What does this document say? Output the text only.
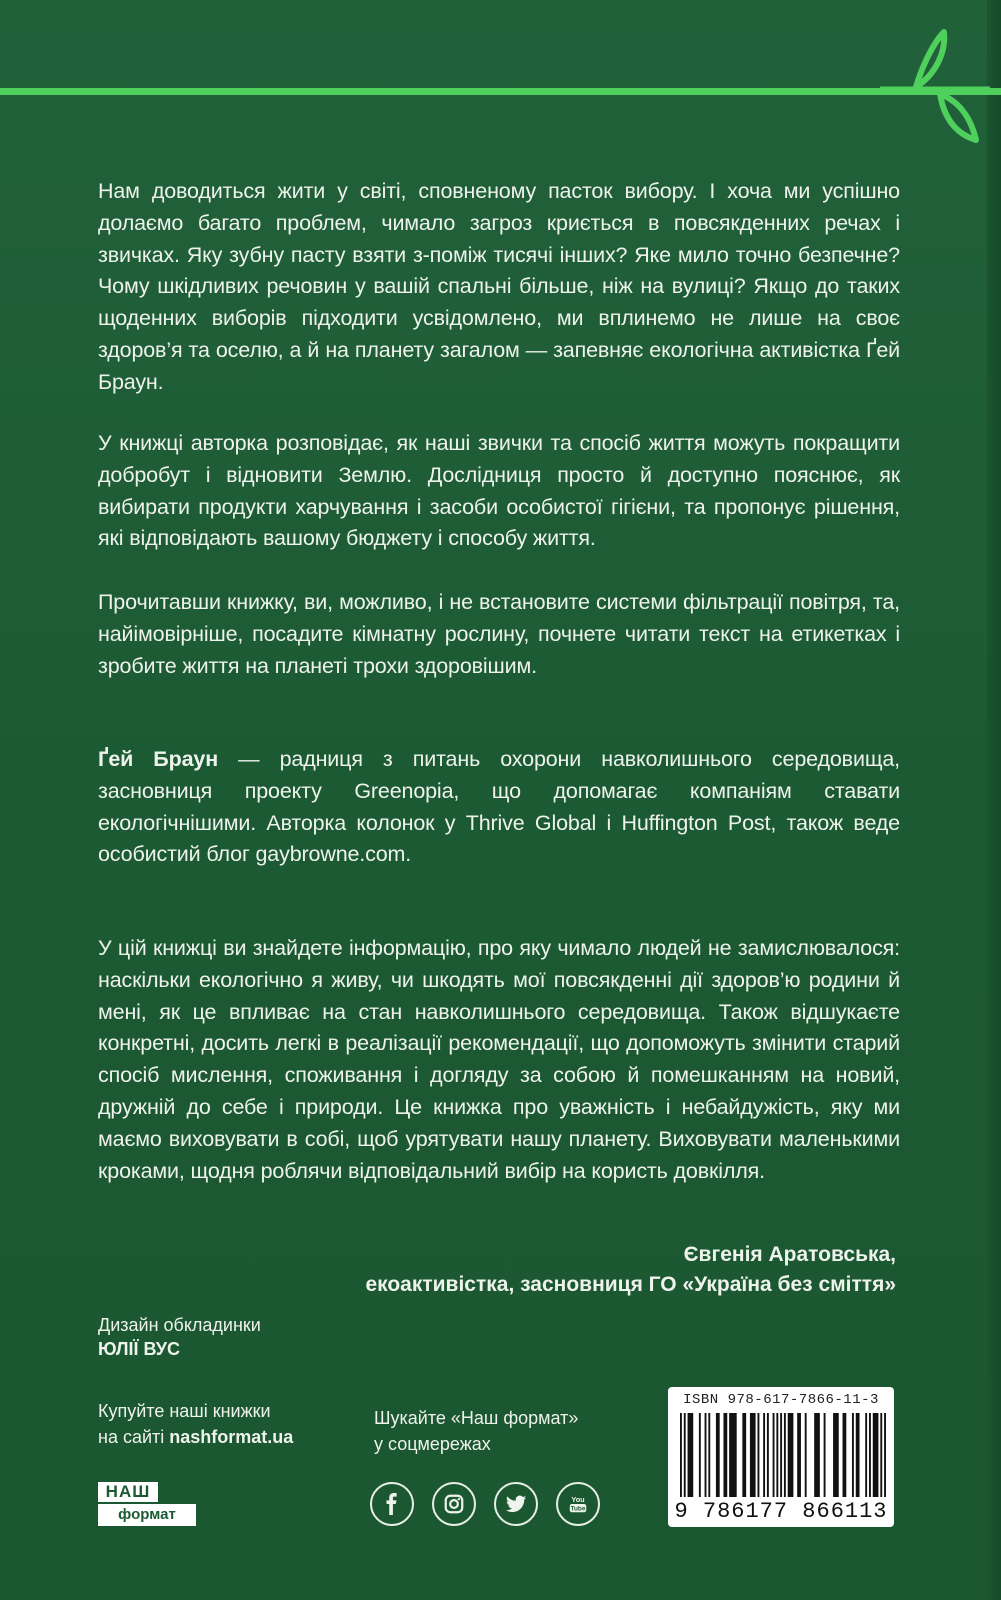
Нам доводиться жити у світі, сповненому пасток вибору. І хоча ми успішно долаємо багато проблем, чимало загроз криється в повсякденних речах і звичках. Яку зубну пасту взяти з-поміж тисячі інших? Яке мило точно безпечне? Чому шкідливих речовин у вашій спальні більше, ніж на вулиці? Якщо до таких щоденних виборів підходити усвідомлено, ми вплинемо не лише на своє здоров’я та оселю, а й на планету загалом — запевняє екологічна активістка Ґей Браун.
У книжці авторка розповідає, як наші звички та спосіб життя можуть покращити добробут і відновити Землю. Дослідниця просто й доступно пояснює, як вибирати продукти харчування і засоби особистої гігієни, та пропонує рішення, які відповідають вашому бюджету і способу життя.
Прочитавши книжку, ви, можливо, і не встановите системи фільтрації повітря, та, найімовірніше, посадите кімнатну рослину, почнете читати текст на етикетках і зробите життя на планеті трохи здоровішим.
Ґей Браун — радниця з питань охорони навколишнього середовища, засновниця проекту Greenopia, що допомагає компаніям ставати екологічнішими. Авторка колонок у Thrive Global і Huffington Post, також веде особистий блог gaybrowne.com.
У цій книжці ви знайдете інформацію, про яку чимало людей не замислювалося: наскільки екологічно я живу, чи шкодять мої повсякденні дії здоров’ю родини й мені, як це впливає на стан навколишнього середовища. Також відшукаєте конкретні, досить легкі в реалізації рекомендації, що допоможуть змінити старий спосіб мислення, споживання і догляду за собою й помешканням на новий, дружній до себе і природи. Це книжка про уважність і небайдужість, яку ми маємо виховувати в собі, щоб урятувати нашу планету. Виховувати маленькими кроками, щодня роблячи відповідальний вибір на користь довкілля.
Євгенія Аратовська,
екоактивістка, засновниця ГО «Україна без сміття»
Дизайн обкладинки
ЮЛІЇ ВУС
Купуйте наші книжки
на сайті nashformat.ua
Шукайте «Наш формат»
у соцмережах
НАШ
формат
You
Tube
ISBN 978-617-7866-11-3
9 786177 866113
